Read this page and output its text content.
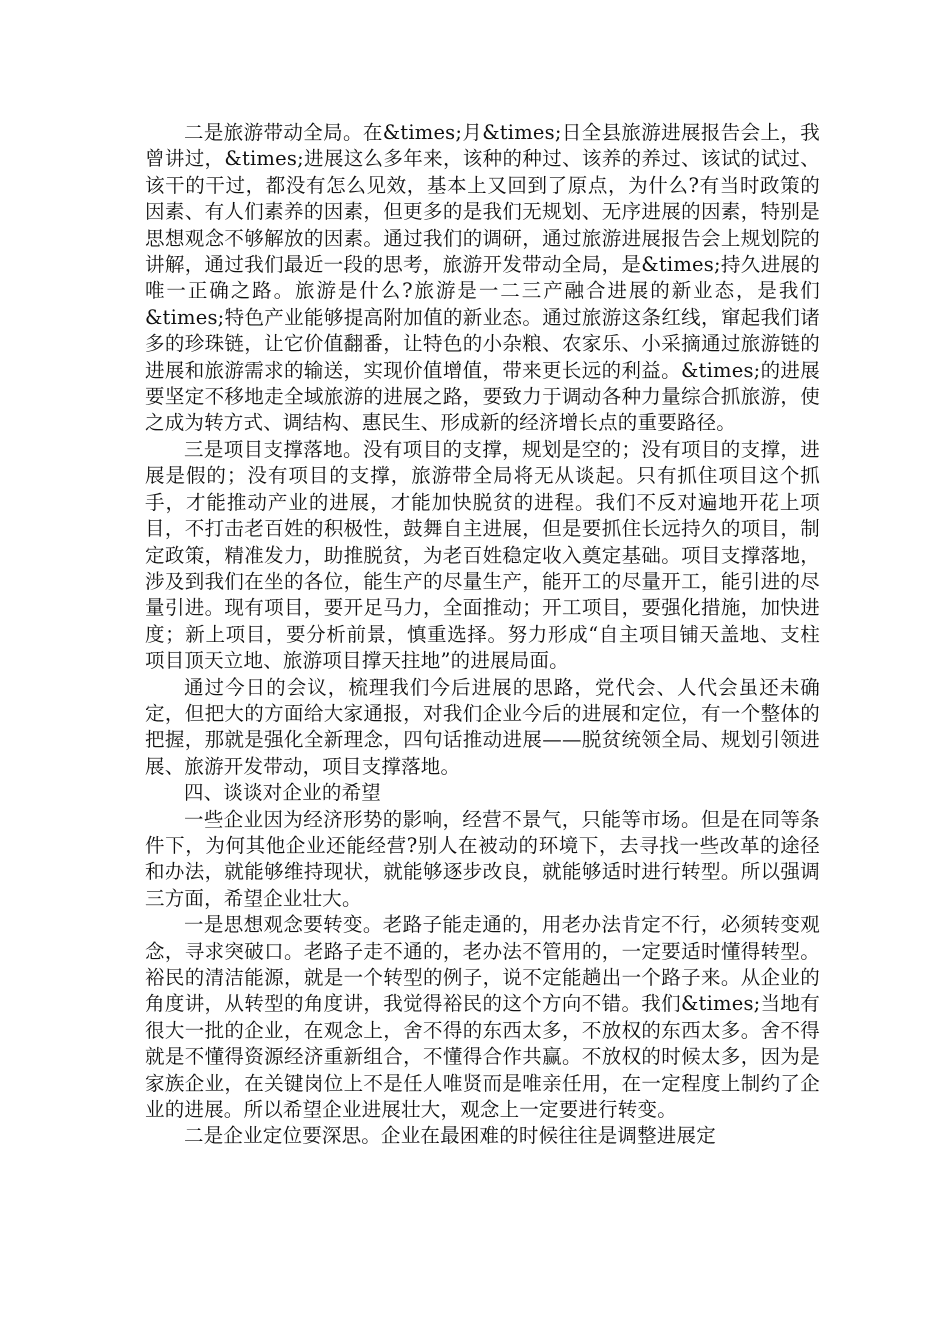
二是旅游带动全局。在&times;月&times;日全县旅游进展报告会上，我曾讲过，&times;进展这么多年来，该种的种过、该养的养过、该试的试过、该干的干过，都没有怎么见效，基本上又回到了原点，为什么?有当时政策的因素、有人们素养的因素，但更多的是我们无规划、无序进展的因素，特别是思想观念不够解放的因素。通过我们的调研，通过旅游进展报告会上规划院的讲解，通过我们最近一段的思考，旅游开发带动全局，是&times;持久进展的唯一正确之路。旅游是什么?旅游是一二三产融合进展的新业态，是我们&times;特色产业能够提高附加值的新业态。通过旅游这条红线，窜起我们诸多的珍珠链，让它价值翻番，让特色的小杂粮、农家乐、小采摘通过旅游链的进展和旅游需求的输送，实现价值增值，带来更长远的利益。&times;的进展要坚定不移地走全域旅游的进展之路，要致力于调动各种力量综合抓旅游，使之成为转方式、调结构、惠民生、形成新的经济增长点的重要路径。

三是项目支撑落地。没有项目的支撑，规划是空的；没有项目的支撑，进展是假的；没有项目的支撑，旅游带全局将无从谈起。只有抓住项目这个抓手，才能推动产业的进展，才能加快脱贫的进程。我们不反对遍地开花上项目，不打击老百姓的积极性，鼓舞自主进展，但是要抓住长远持久的项目，制定政策，精准发力，助推脱贫，为老百姓稳定收入奠定基础。项目支撑落地，涉及到我们在坐的各位，能生产的尽量生产，能开工的尽量开工，能引进的尽量引进。现有项目，要开足马力，全面推动；开工项目，要强化措施，加快进度；新上项目，要分析前景，慎重选择。努力形成“自主项目铺天盖地、支柱项目顶天立地、旅游项目撑天拄地”的进展局面。

通过今日的会议，梳理我们今后进展的思路，党代会、人代会虽还未确定，但把大的方面给大家通报，对我们企业今后的进展和定位，有一个整体的把握，那就是强化全新理念，四句话推动进展——脱贫统领全局、规划引领进展、旅游开发带动，项目支撑落地。

四、谈谈对企业的希望

一些企业因为经济形势的影响，经营不景气，只能等市场。但是在同等条件下，为何其他企业还能经营?别人在被动的环境下，去寻找一些改革的途径和办法，就能够维持现状，就能够逐步改良，就能够适时进行转型。所以强调三方面，希望企业壮大。

一是思想观念要转变。老路子能走通的，用老办法肯定不行，必须转变观念，寻求突破口。老路子走不通的，老办法不管用的，一定要适时懂得转型。裕民的清洁能源，就是一个转型的例子，说不定能趟出一个路子来。从企业的角度讲，从转型的角度讲，我觉得裕民的这个方向不错。我们&times;当地有很大一批的企业，在观念上，舍不得的东西太多，不放权的东西太多。舍不得就是不懂得资源经济重新组合，不懂得合作共赢。不放权的时候太多，因为是家族企业，在关键岗位上不是任人唯贤而是唯亲任用，在一定程度上制约了企业的进展。所以希望企业进展壮大，观念上一定要进行转变。

二是企业定位要深思。企业在最困难的时候往往是调整进展定
